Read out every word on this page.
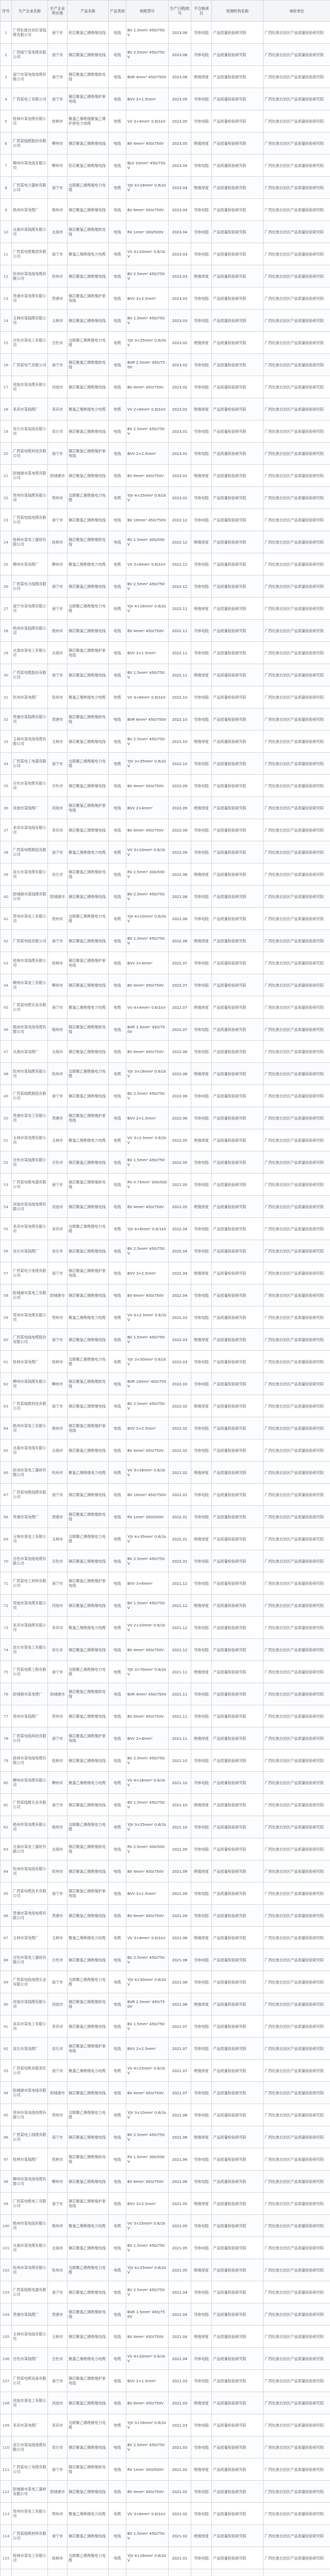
序号	生产企业名称	生产企业所在地	产品名称	产品类别	规格型号	生产日期/批号	不合格项目	检测机构名称	承检单位
1	广西壮族自治区某线缆有限公司	南宁市	铝芯聚氯乙烯绝缘电线	电线	BV 1.5mm² 450/750V	2023.06	导体电阻	产品质量检验研究院	广西壮族自治区产品质量检验研究院
2	广西南宁某电缆有限公司	南宁市	铜芯聚氯乙烯绝缘电线	电线	BV 2.5mm² 450/750V	2023.06	导体电阻	产品质量检验研究院	广西壮族自治区产品质量检验研究院
3	南宁市某电线电缆有限公司	南宁市	铜芯聚氯乙烯绝缘软电线	电线	BVR 4mm² 450/750V	2023.06	绝缘厚度	产品质量检验研究院	广西壮族自治区产品质量检验研究院
4	广西某电工有限公司	南宁市	铜芯聚氯乙烯绝缘护套电线	电线	BVV 2×1.5mm²	2023.05	导体电阻	产品质量检验研究院	广西壮族自治区产品质量检验研究院
5	桂林市某电缆有限公司	桂林市	聚氯乙烯绝缘聚氯乙烯护套电力电缆	电缆	VV 3×4mm² 0.6/1kV	2023.05	导体电阻	产品质量检验研究院	广西壮族自治区产品质量检验研究院
6	广西某线缆股份有限公司	柳州市	铜芯聚氯乙烯绝缘电线	电线	BV 4mm² 450/750V	2023.05	绝缘厚度	产品质量检验研究院	广西壮族自治区产品质量检验研究院
7	柳州市某电线有限公司	柳州市	铝芯聚氯乙烯绝缘电线	电线	BLV 10mm² 450/750V	2023.04	导体电阻	产品质量检验研究院	广西壮族自治区产品质量检验研究院
8	广西某电力器材有限公司	南宁市	交联聚乙烯绝缘电力电缆	电缆	YJV 4×16mm² 0.6/1kV	2023.04	绝缘厚度	产品质量检验研究院	广西壮族自治区产品质量检验研究院
9	梧州市某电缆厂	梧州市	铜芯聚氯乙烯绝缘电线	电线	BV 6mm² 450/750V	2023.04	导体电阻	产品质量检验研究院	广西壮族自治区产品质量检验研究院
10	北海市某线缆有限公司	北海市	铜芯聚氯乙烯绝缘软电线	电线	RV 1mm² 300/500V	2023.04	导体电阻	产品质量检验研究院	广西壮族自治区产品质量检验研究院
11	广西某电缆集团有限公司	南宁市	聚氯乙烯绝缘电力电缆	电缆	VV 4×10mm² 0.6/1kV	2023.03	导体电阻	产品质量检验研究院	广西壮族自治区产品质量检验研究院
12	钦州市某电线电缆有限公司	钦州市	铜芯聚氯乙烯绝缘电线	电线	BV 2.5mm² 450/750V	2023.03	绝缘厚度	产品质量检验研究院	广西壮族自治区产品质量检验研究院
13	贵港市某电缆有限公司	贵港市	铜芯聚氯乙烯绝缘护套电线	电线	BVV 3×2.5mm²	2023.03	导体电阻	产品质量检验研究院	广西壮族自治区产品质量检验研究院
14	玉林市某线缆有限公司	玉林市	铜芯聚氯乙烯绝缘电线	电线	BV 1.5mm² 450/750V	2023.03	导体电阻	产品质量检验研究院	广西壮族自治区产品质量检验研究院
15	百色市某电工有限公司	百色市	交联聚乙烯绝缘电力电缆	电缆	YJV 3×25mm² 0.6/1kV	2023.02	绝缘厚度	产品质量检验研究院	广西壮族自治区产品质量检验研究院
16	广西某电气有限公司	南宁市	铜芯聚氯乙烯绝缘软电线	电线	BVR 2.5mm² 450/750V	2023.02	导体电阻	产品质量检验研究院	广西壮族自治区产品质量检验研究院
17	河池市某电缆有限公司	河池市	铜芯聚氯乙烯绝缘电线	电线	BV 4mm² 450/750V	2023.02	导体电阻	产品质量检验研究院	广西壮族自治区产品质量检验研究院
18	来宾市某线缆厂	来宾市	聚氯乙烯绝缘电力电缆	电缆	VV 2×6mm² 0.6/1kV	2023.02	绝缘厚度	产品质量检验研究院	广西壮族自治区产品质量检验研究院
19	崇左市某电线有限公司	崇左市	铜芯聚氯乙烯绝缘电线	电线	BV 2.5mm² 450/750V	2023.01	导体电阻	产品质量检验研究院	广西壮族自治区产品质量检验研究院
20	广西某电缆科技有限公司	南宁市	铜芯聚氯乙烯绝缘护套电线	电线	BVV 2×2.5mm²	2023.01	导体电阻	产品质量检验研究院	广西壮族自治区产品质量检验研究院
21	防城港市某电缆有限公司	防城港市	铜芯聚氯乙烯绝缘电线	电线	BV 6mm² 450/750V	2023.01	绝缘厚度	产品质量检验研究院	广西壮族自治区产品质量检验研究院
22	贺州市某线缆有限公司	贺州市	交联聚乙烯绝缘电力电缆	电缆	YJV 4×25mm² 0.6/1kV	2023.01	导体电阻	产品质量检验研究院	广西壮族自治区产品质量检验研究院
23	广西某电线电缆有限公司	南宁市	铜芯聚氯乙烯绝缘电线	电线	BV 10mm² 450/750V	2022.12	导体电阻	产品质量检验研究院	广西壮族自治区产品质量检验研究院
24	桂林市某电工器材有限公司	桂林市	铜芯聚氯乙烯绝缘软电线	电线	RV 1.5mm² 300/500V	2022.12	绝缘厚度	产品质量检验研究院	广西壮族自治区产品质量检验研究院
25	柳州市某电缆厂	柳州市	聚氯乙烯绝缘电力电缆	电缆	VV 3×6mm² 0.6/1kV	2022.12	导体电阻	产品质量检验研究院	广西壮族自治区产品质量检验研究院
26	广西某电力线缆有限公司	南宁市	铜芯聚氯乙烯绝缘电线	电线	BV 2.5mm² 450/750V	2022.12	导体电阻	产品质量检验研究院	广西壮族自治区产品质量检验研究院
27	南宁市某电缆有限公司	南宁市	交联聚乙烯绝缘电力电缆	电缆	YJV 4×16mm² 0.6/1kV	2022.11	绝缘厚度	产品质量检验研究院	广西壮族自治区产品质量检验研究院
28	梧州市某线缆有限公司	梧州市	铜芯聚氯乙烯绝缘电线	电线	BV 4mm² 450/750V	2022.11	导体电阻	产品质量检验研究院	广西壮族自治区产品质量检验研究院
29	北海市某电工有限公司	北海市	铜芯聚氯乙烯绝缘护套电线	电线	BVV 3×1.5mm²	2022.11	导体电阻	产品质量检验研究院	广西壮族自治区产品质量检验研究院
30	广西某电缆股份有限公司	南宁市	铜芯聚氯乙烯绝缘电线	电线	BV 1.5mm² 450/750V	2022.11	绝缘厚度	产品质量检验研究院	广西壮族自治区产品质量检验研究院
31	钦州市某电缆厂	钦州市	聚氯乙烯绝缘电力电缆	电缆	VV 4×6mm² 0.6/1kV	2022.10	导体电阻	产品质量检验研究院	广西壮族自治区产品质量检验研究院
32	贵港市某线缆有限公司	贵港市	铜芯聚氯乙烯绝缘软电线	电线	BVR 6mm² 450/750V	2022.10	导体电阻	产品质量检验研究院	广西壮族自治区产品质量检验研究院
33	玉林市某电线电缆有限公司	玉林市	铜芯聚氯乙烯绝缘电线	电线	BV 2.5mm² 450/750V	2022.10	绝缘厚度	产品质量检验研究院	广西壮族自治区产品质量检验研究院
34	广西某电工电器有限公司	南宁市	交联聚乙烯绝缘电力电缆	电缆	YJV 3×35mm² 0.6/1kV	2022.10	导体电阻	产品质量检验研究院	广西壮族自治区产品质量检验研究院
35	百色市某电缆有限公司	百色市	铜芯聚氯乙烯绝缘电线	电线	BV 4mm² 450/750V	2022.09	导体电阻	产品质量检验研究院	广西壮族自治区产品质量检验研究院
36	河池市某线缆厂	河池市	铜芯聚氯乙烯绝缘护套电线	电线	BVV 2×4mm²	2022.09	绝缘厚度	产品质量检验研究院	广西壮族自治区产品质量检验研究院
37	来宾市某电线有限公司	来宾市	铜芯聚氯乙烯绝缘电线	电线	BV 6mm² 450/750V	2022.09	导体电阻	产品质量检验研究院	广西壮族自治区产品质量检验研究院
38	广西某电缆制造有限公司	南宁市	聚氯乙烯绝缘电力电缆	电缆	VV 3×10mm² 0.6/1kV	2022.09	导体电阻	产品质量检验研究院	广西壮族自治区产品质量检验研究院
39	崇左市某电缆有限公司	崇左市	铜芯聚氯乙烯绝缘软电线	电线	RV 2.5mm² 300/500V	2022.08	绝缘厚度	产品质量检验研究院	广西壮族自治区产品质量检验研究院
40	防城港市某线缆有限公司	防城港市	铜芯聚氯乙烯绝缘电线	电线	BV 2.5mm² 450/750V	2022.08	导体电阻	产品质量检验研究院	广西壮族自治区产品质量检验研究院
41	贺州市某电工有限公司	贺州市	交联聚乙烯绝缘电力电缆	电缆	YJV 4×10mm² 0.6/1kV	2022.08	导体电阻	产品质量检验研究院	广西壮族自治区产品质量检验研究院
42	广西某电线有限公司	南宁市	铜芯聚氯乙烯绝缘电线	电线	BV 1.5mm² 450/750V	2022.08	绝缘厚度	产品质量检验研究院	广西壮族自治区产品质量检验研究院
43	桂林市某线缆有限公司	桂林市	铜芯聚氯乙烯绝缘护套电线	电线	BVV 3×4mm²	2022.07	导体电阻	产品质量检验研究院	广西壮族自治区产品质量检验研究院
44	柳州市某电工有限公司	柳州市	铜芯聚氯乙烯绝缘电线	电线	BV 4mm² 450/750V	2022.07	导体电阻	产品质量检验研究院	广西壮族自治区产品质量检验研究院
45	广西某电缆实业有限公司	南宁市	聚氯乙烯绝缘电力电缆	电缆	VV 4×4mm² 0.6/1kV	2022.07	绝缘厚度	产品质量检验研究院	广西壮族自治区产品质量检验研究院
46	梧州市某电线电缆有限公司	梧州市	铜芯聚氯乙烯绝缘软电线	电线	BVR 1.5mm² 450/750V	2022.07	导体电阻	产品质量检验研究院	广西壮族自治区产品质量检验研究院
47	北海市某电缆厂	北海市	铜芯聚氯乙烯绝缘电线	电线	BV 6mm² 450/750V	2022.06	导体电阻	产品质量检验研究院	广西壮族自治区产品质量检验研究院
48	钦州市某线缆有限公司	钦州市	交联聚乙烯绝缘电力电缆	电缆	YJV 3×16mm² 0.6/1kV	2022.06	绝缘厚度	产品质量检验研究院	广西壮族自治区产品质量检验研究院
49	广西某线缆制造有限公司	南宁市	铜芯聚氯乙烯绝缘电线	电线	BV 2.5mm² 450/750V	2022.06	导体电阻	产品质量检验研究院	广西壮族自治区产品质量检验研究院
50	贵港市某电工有限公司	贵港市	铜芯聚氯乙烯绝缘护套电线	电线	BVV 2×1.5mm²	2022.06	导体电阻	产品质量检验研究院	广西壮族自治区产品质量检验研究院
51	玉林市某电缆有限公司	玉林市	聚氯乙烯绝缘电力电缆	电缆	VV 3×2.5mm² 0.6/1kV	2022.05	绝缘厚度	产品质量检验研究院	广西壮族自治区产品质量检验研究院
52	百色市某线缆有限公司	百色市	铜芯聚氯乙烯绝缘电线	电线	BV 1.5mm² 450/750V	2022.05	导体电阻	产品质量检验研究院	广西壮族自治区产品质量检验研究院
53	广西某电缆电器有限公司	南宁市	铜芯聚氯乙烯绝缘软电线	电线	RV 0.75mm² 300/500V	2022.05	导体电阻	产品质量检验研究院	广西壮族自治区产品质量检验研究院
54	河池市某电线电缆有限公司	河池市	铜芯聚氯乙烯绝缘电线	电线	BV 4mm² 450/750V	2022.05	绝缘厚度	产品质量检验研究院	广西壮族自治区产品质量检验研究院
55	来宾市某电缆有限公司	来宾市	交联聚乙烯绝缘电力电缆	电缆	YJV 4×6mm² 0.6/1kV	2022.04	导体电阻	产品质量检验研究院	广西壮族自治区产品质量检验研究院
56	崇左市某线缆厂	崇左市	铜芯聚氯乙烯绝缘电线	电线	BV 2.5mm² 450/750V	2022.04	导体电阻	产品质量检验研究院	广西壮族自治区产品质量检验研究院
57	广西某电力电缆有限公司	南宁市	铜芯聚氯乙烯绝缘护套电线	电线	BVV 3×2.5mm²	2022.04	绝缘厚度	产品质量检验研究院	广西壮族自治区产品质量检验研究院
58	防城港市某电工有限公司	防城港市	铜芯聚氯乙烯绝缘电线	电线	BV 6mm² 450/750V	2022.04	导体电阻	产品质量检验研究院	广西壮族自治区产品质量检验研究院
59	贺州市某电缆有限公司	贺州市	聚氯乙烯绝缘电力电缆	电缆	VV 4×2.5mm² 0.6/1kV	2022.03	导体电阻	产品质量检验研究院	广西壮族自治区产品质量检验研究院
60	广西某电线电缆股份有限公司	南宁市	铜芯聚氯乙烯绝缘电线	电线	BV 1.5mm² 450/750V	2022.03	绝缘厚度	产品质量检验研究院	广西壮族自治区产品质量检验研究院
61	桂林市某电缆厂	桂林市	交联聚乙烯绝缘电力电缆	电缆	YJV 3×50mm² 0.6/1kV	2022.03	导体电阻	产品质量检验研究院	广西壮族自治区产品质量检验研究院
62	柳州市某线缆有限公司	柳州市	铜芯聚氯乙烯绝缘软电线	电线	BVR 10mm² 450/750V	2022.03	导体电阻	产品质量检验研究院	广西壮族自治区产品质量检验研究院
63	广西某线缆科技有限公司	南宁市	铜芯聚氯乙烯绝缘电线	电线	BV 2.5mm² 450/750V	2022.02	绝缘厚度	产品质量检验研究院	广西壮族自治区产品质量检验研究院
64	梧州市某电工有限公司	梧州市	铜芯聚氯乙烯绝缘护套电线	电线	BVV 2×2.5mm²	2022.02	导体电阻	产品质量检验研究院	广西壮族自治区产品质量检验研究院
65	北海市某电线有限公司	北海市	铜芯聚氯乙烯绝缘电线	电线	BV 4mm² 450/750V	2022.02	导体电阻	产品质量检验研究院	广西壮族自治区产品质量检验研究院
66	钦州市某电工器材有限公司	钦州市	聚氯乙烯绝缘电力电缆	电缆	VV 3×16mm² 0.6/1kV	2022.02	绝缘厚度	产品质量检验研究院	广西壮族自治区产品质量检验研究院
67	广西某电缆线缆有限公司	南宁市	铜芯聚氯乙烯绝缘电线	电线	BV 10mm² 450/750V	2022.01	导体电阻	产品质量检验研究院	广西壮族自治区产品质量检验研究院
68	贵港市某电缆厂	贵港市	铜芯聚氯乙烯绝缘软电线	电线	RV 1mm² 300/500V	2022.01	导体电阻	产品质量检验研究院	广西壮族自治区产品质量检验研究院
69	玉林市某电工有限公司	玉林市	交联聚乙烯绝缘电力电缆	电缆	YJV 4×35mm² 0.6/1kV	2022.01	绝缘厚度	产品质量检验研究院	广西壮族自治区产品质量检验研究院
70	百色市某电线电缆有限公司	百色市	铜芯聚氯乙烯绝缘电线	电线	BV 2.5mm² 450/750V	2022.01	导体电阻	产品质量检验研究院	广西壮族自治区产品质量检验研究院
71	广西某电工材料有限公司	南宁市	铜芯聚氯乙烯绝缘护套电线	电线	BVV 3×6mm²	2021.12	导体电阻	产品质量检验研究院	广西壮族自治区产品质量检验研究院
72	河池市某电缆有限公司	河池市	铜芯聚氯乙烯绝缘电线	电线	BV 1.5mm² 450/750V	2021.12	绝缘厚度	产品质量检验研究院	广西壮族自治区产品质量检验研究院
73	来宾市某线缆有限公司	来宾市	聚氯乙烯绝缘电力电缆	电缆	VV 2×10mm² 0.6/1kV	2021.12	导体电阻	产品质量检验研究院	广西壮族自治区产品质量检验研究院
74	崇左市某电工有限公司	崇左市	铜芯聚氯乙烯绝缘电线	电线	BV 4mm² 450/750V	2021.12	导体电阻	产品质量检验研究院	广西壮族自治区产品质量检验研究院
75	广西某电缆工程有限公司	南宁市	交联聚乙烯绝缘电力电缆	电缆	YJV 3×70mm² 0.6/1kV	2021.11	绝缘厚度	产品质量检验研究院	广西壮族自治区产品质量检验研究院
76	防城港市某电缆厂	防城港市	铜芯聚氯乙烯绝缘软电线	电线	BVR 4mm² 450/750V	2021.11	导体电阻	产品质量检验研究院	广西壮族自治区产品质量检验研究院
77	贺州市某线缆厂	贺州市	铜芯聚氯乙烯绝缘电线	电线	BV 6mm² 450/750V	2021.11	导体电阻	产品质量检验研究院	广西壮族自治区产品质量检验研究院
78	广西某电线科技有限公司	南宁市	铜芯聚氯乙烯绝缘护套电线	电线	BVV 2×4mm²	2021.11	绝缘厚度	产品质量检验研究院	广西壮族自治区产品质量检验研究院
79	桂林市某电线电缆有限公司	桂林市	铜芯聚氯乙烯绝缘电线	电线	BV 2.5mm² 450/750V	2021.10	导体电阻	产品质量检验研究院	广西壮族自治区产品质量检验研究院
80	柳州市某电缆有限公司	柳州市	聚氯乙烯绝缘电力电缆	电缆	VV 4×16mm² 0.6/1kV	2021.10	导体电阻	产品质量检验研究院	广西壮族自治区产品质量检验研究院
81	广西某线缆实业有限公司	南宁市	铜芯聚氯乙烯绝缘电线	电线	BV 1.5mm² 450/750V	2021.10	绝缘厚度	产品质量检验研究院	广西壮族自治区产品质量检验研究院
82	梧州市某电缆有限公司	梧州市	交联聚乙烯绝缘电力电缆	电缆	YJV 3×25mm² 0.6/1kV	2021.10	导体电阻	产品质量检验研究院	广西壮族自治区产品质量检验研究院
83	北海市某电工器材有限公司	北海市	铜芯聚氯乙烯绝缘软电线	电线	RV 2.5mm² 300/500V	2021.09	导体电阻	产品质量检验研究院	广西壮族自治区产品质量检验研究院
84	钦州市某电线有限公司	钦州市	铜芯聚氯乙烯绝缘电线	电线	BV 4mm² 450/750V	2021.09	绝缘厚度	产品质量检验研究院	广西壮族自治区产品质量检验研究院
85	广西某电缆技术有限公司	南宁市	铜芯聚氯乙烯绝缘护套电线	电线	BVV 3×1.5mm²	2021.09	导体电阻	产品质量检验研究院	广西壮族自治区产品质量检验研究院
86	贵港市某电线电缆有限公司	贵港市	铜芯聚氯乙烯绝缘电线	电线	BV 6mm² 450/750V	2021.09	导体电阻	产品质量检验研究院	广西壮族自治区产品质量检验研究院
87	玉林市某电缆厂	玉林市	聚氯乙烯绝缘电力电缆	电缆	VV 3×4mm² 0.6/1kV	2021.08	绝缘厚度	产品质量检验研究院	广西壮族自治区产品质量检验研究院
88	百色市某电工器材有限公司	百色市	铜芯聚氯乙烯绝缘电线	电线	BV 2.5mm² 450/750V	2021.08	导体电阻	产品质量检验研究院	广西壮族自治区产品质量检验研究院
89	广西某电线电缆实业有限公司	南宁市	交联聚乙烯绝缘电力电缆	电缆	YJV 4×50mm² 0.6/1kV	2021.08	导体电阻	产品质量检验研究院	广西壮族自治区产品质量检验研究院
90	河池市某线缆有限公司	河池市	铜芯聚氯乙烯绝缘软电线	电线	BVR 2.5mm² 450/750V	2021.08	绝缘厚度	产品质量检验研究院	广西壮族自治区产品质量检验研究院
91	来宾市某电工有限公司	来宾市	铜芯聚氯乙烯绝缘电线	电线	BV 1.5mm² 450/750V	2021.07	导体电阻	产品质量检验研究院	广西壮族自治区产品质量检验研究院
92	崇左市某电缆厂	崇左市	铜芯聚氯乙烯绝缘护套电线	电线	BVV 2×2.5mm²	2021.07	导体电阻	产品质量检验研究院	广西壮族自治区产品质量检验研究院
93	广西某电缆有限责任公司	南宁市	聚氯乙烯绝缘电力电缆	电缆	VV 4×25mm² 0.6/1kV	2021.07	绝缘厚度	产品质量检验研究院	广西壮族自治区产品质量检验研究院
94	防城港市某电线有限公司	防城港市	铜芯聚氯乙烯绝缘电线	电线	BV 4mm² 450/750V	2021.07	导体电阻	产品质量检验研究院	广西壮族自治区产品质量检验研究院
95	贺州市某电线电缆有限公司	贺州市	交联聚乙烯绝缘电力电缆	电缆	YJV 3×10mm² 0.6/1kV	2021.06	导体电阻	产品质量检验研究院	广西壮族自治区产品质量检验研究院
96	广西某电工线缆有限公司	南宁市	铜芯聚氯乙烯绝缘电线	电线	BV 2.5mm² 450/750V	2021.06	绝缘厚度	产品质量检验研究院	广西壮族自治区产品质量检验研究院
97	桂林市某线缆厂	桂林市	铜芯聚氯乙烯绝缘软电线	电线	RV 1.5mm² 300/500V	2021.06	导体电阻	产品质量检验研究院	广西壮族自治区产品质量检验研究院
98	柳州市某电线电缆有限公司	柳州市	铜芯聚氯乙烯绝缘电线	电线	BV 6mm² 450/750V	2021.06	导体电阻	产品质量检验研究院	广西壮族自治区产品质量检验研究院
99	广西某电缆电工有限公司	南宁市	铜芯聚氯乙烯绝缘护套电线	电线	BVV 3×2.5mm²	2021.05	绝缘厚度	产品质量检验研究院	广西壮族自治区产品质量检验研究院
100	梧州市某电线有限公司	梧州市	聚氯乙烯绝缘电力电缆	电缆	VV 3×25mm² 0.6/1kV	2021.05	导体电阻	产品质量检验研究院	广西壮族自治区产品质量检验研究院
101	北海市某电缆有限公司	北海市	铜芯聚氯乙烯绝缘电线	电线	BV 1.5mm² 450/750V	2021.05	导体电阻	产品质量检验研究院	广西壮族自治区产品质量检验研究院
102	钦州市某电缆有限公司	钦州市	交联聚乙烯绝缘电力电缆	电缆	YJV 4×25mm² 0.6/1kV	2021.05	绝缘厚度	产品质量检验研究院	广西壮族自治区产品质量检验研究院
103	广西某线缆电器有限公司	南宁市	铜芯聚氯乙烯绝缘电线	电线	BV 2.5mm² 450/750V	2021.04	导体电阻	产品质量检验研究院	广西壮族自治区产品质量检验研究院
104	贵港市某线缆厂	贵港市	铜芯聚氯乙烯绝缘软电线	电线	BVR 1.5mm² 450/750V	2021.04	导体电阻	产品质量检验研究院	广西壮族自治区产品质量检验研究院
105	玉林市某电线有限公司	玉林市	铜芯聚氯乙烯绝缘电线	电线	BV 4mm² 450/750V	2021.04	绝缘厚度	产品质量检验研究院	广西壮族自治区产品质量检验研究院
106	百色市某线缆厂	百色市	聚氯乙烯绝缘电力电缆	电缆	VV 4×10mm² 0.6/1kV	2021.04	导体电阻	产品质量检验研究院	广西壮族自治区产品质量检验研究院
107	广西某电缆设备有限公司	南宁市	铜芯聚氯乙烯绝缘护套电线	电线	BVV 2×1.5mm²	2021.03	导体电阻	产品质量检验研究院	广西壮族自治区产品质量检验研究院
108	河池市某电工有限公司	河池市	铜芯聚氯乙烯绝缘电线	电线	BV 6mm² 450/750V	2021.03	绝缘厚度	产品质量检验研究院	广西壮族自治区产品质量检验研究院
109	来宾市某电缆厂	来宾市	交联聚乙烯绝缘电力电缆	电缆	YJV 3×16mm² 0.6/1kV	2021.03	导体电阻	产品质量检验研究院	广西壮族自治区产品质量检验研究院
110	崇左市某电线电缆有限公司	崇左市	铜芯聚氯乙烯绝缘电线	电线	BV 2.5mm² 450/750V	2021.03	导体电阻	产品质量检验研究院	广西壮族自治区产品质量检验研究院
111	广西某电工电缆有限公司	南宁市	铜芯聚氯乙烯绝缘软电线	电线	RV 1mm² 300/500V	2021.02	绝缘厚度	产品质量检验研究院	广西壮族自治区产品质量检验研究院
112	防城港市某电工器材有限公司	防城港市	铜芯聚氯乙烯绝缘电线	电线	BV 4mm² 450/750V	2021.02	导体电阻	产品质量检验研究院	广西壮族自治区产品质量检验研究院
113	贺州市某电工有限公司	贺州市	聚氯乙烯绝缘电力电缆	电缆	VV 3×6mm² 0.6/1kV	2021.02	导体电阻	产品质量检验研究院	广西壮族自治区产品质量检验研究院
114	广西某线缆材料有限公司	南宁市	铜芯聚氯乙烯绝缘电线	电线	BV 1.5mm² 450/750V	2021.02	绝缘厚度	产品质量检验研究院	广西壮族自治区产品质量检验研究院
115	桂林市某电工有限公司	桂林市	交联聚乙烯绝缘电力电缆	电缆	YJV 4×16mm² 0.6/1kV	2021.01	导体电阻	产品质量检验研究院	广西壮族自治区产品质量检验研究院
